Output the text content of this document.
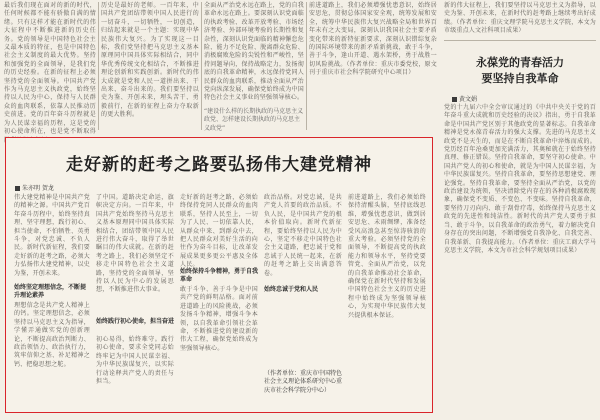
最后我们现在面对的新的时代，任何时候都不能有骄傲自满的情绪。只有这样才能在新时代的伟大征程中不断推进新的历史任务。党的领导是中国特色社会主义最本质的特征，也是中国特色社会主义制度的最大优势。坚持和加强党的全面领导，是我们党的历史经验。在新的征程上必须坚持党的全面领导。中国共产党作为马克思主义执政党，始终坚持以人民为中心，保持与人民群众的血肉联系，依靠人民推动历史前进。党的百年奋斗历程就是为人民谋幸福的历程，这是党的初心使命所在，也是党不断取得
历史是最好的老师。一百年来，中国共产党团结带领中国人民进行的一切奋斗，一切牺牲，一切创造，归结起来就是一个主题：实现中华民族伟大复兴。为了实现这一目标，我们党坚持把马克思主义基本原理同中国具体实际相结合，同中华优秀传统文化相结合，不断推进理论创新和实践创新。新时代的伟大成就是党和人民一道拼出来、干出来、奋斗出来的。我们要坚持以史为鉴、开创未来，埋头苦干、勇毅前行，在新的征程上奋力夺取新的更大胜利。
全面从严治党永远在路上，党的自我革命永远在路上。要深刻认识党面临的执政考验、改革开放考验、市场经济考验、外部环境考验的长期性和复杂性，深刻认识党面临的精神懈怠危险、能力不足危险、脱离群众危险、消极腐败危险的尖锐性和严峻性，坚持问题导向，保持战略定力，发扬彻底的自我革命精神，永远保持党同人民群众的血肉联系，推动全面从严治党向纵深发展，确保党始终成为中国特色社会主义事业的坚强领导核心。
“建设什么样的长期执政的马克思主义政党、怎样建设长期执政的马克思主义政党”
前进道路上，我们必须增强忧患意识，始终居安思危，贯彻总体国家安全观，统筹发展和安全，统筹中华民族伟大复兴战略全局和世界百年未有之大变局，深刻认识我国社会主要矛盾变化带来的新特征新要求，深刻认识错综复杂的国际环境带来的新矛盾新挑战，敢于斗争，善于斗争，逢山开道、遇水架桥，勇于战胜一切风险挑战。（作者单位：重庆市委党校，原文刊于重庆市社会科学院研究中心项目）
新的伟大征程上，我们要坚持以马克思主义为指导，以史为鉴、开创未来，在新时代的赶考路上继续考出好成绩。（作者单位：重庆文理学院马克思主义学院，本文为市级重点人文社科项目成果）
永葆党的青春活力
要坚持自我革命
黄文娟
党的十九届六中全会审议通过的《中共中央关于党的百年奋斗重大成就和历史经验的决议》指出，勇于自我革命是中国共产党区别于其他政党的显著标志。自我革命精神是党永葆青春活力的强大支撑。先进的马克思主义政党不是天生的，而是在不断自我革命中淬炼而成的。党历经百年沧桑更加充满活力，其奥秘就在于始终坚持真理、修正错误。坚持自我革命，要坚守初心使命。中国共产党人的初心和使命，就是为中国人民谋幸福，为中华民族谋复兴。坚持自我革命，要坚持思想建党、理论强党。坚持自我革命，要坚持全面从严治党，以党的政治建设为统领，坚决清除党内存在的各种消极腐败现象，确保党不变质、不变色、不变味。坚持自我革命，要坚持刀刃向内、敢于刮骨疗毒，始终保持马克思主义政党的先进性和纯洁性。新时代的共产党人要勇于担当、敢于斗争，以自我革命的政治勇气，着力解决党自身存在的突出问题，不断增强党自我净化、自我完善、自我革新、自我提高能力。（作者单位：重庆工商大学马克思主义学院，本文为市社会科学规划项目成果）
走好新的赶考之路要弘扬伟大建党精神
朱亦明 贺龙
伟大建党精神是中国共产党的精神之源。中国共产党百年奋斗历程中，始终坚持真理、坚守理想，践行初心、担当使命，不怕牺牲、英勇斗争，对党忠诚、不负人民。新时代新征程，我们要走好新的赶考之路，必须大力弘扬伟大建党精神，以史为鉴，开创未来。
始终坚定理想信念，不断提升理论素养
理想信念是共产党人精神上的钙。坚定理想信念，必须坚持以马克思主义为指导，学懂弄通做实党的创新理论，不断提高政治判断力、政治领悟力、政治执行力，筑牢信仰之基、补足精神之钙、把稳思想之舵。
了中国。道路决定命运，旗帜决定方向。一百年来，中国共产党始终坚持马克思主义基本原理同中国具体实际相结合，团结带领中国人民进行伟大奋斗，取得了举世瞩目的伟大成就。在新的赶考之路上，我们必须坚定不移走中国特色社会主义道路，坚持党的全面领导，坚持以人民为中心的发展思想，不断推进伟大事业。
始终践行初心使命，担当奋进
初心易得，始终难守。践行初心使命，要求全党同志始终牢记为中国人民谋幸福、为中华民族谋复兴，以实际行动诠释共产党人的责任与担当。
走好新的赶考之路，必须始终保持党同人民群众的血肉联系，坚持人民至上，一切为了人民、一切依靠人民，从群众中来、到群众中去，把人民群众对美好生活的向往作为奋斗目标，让改革发展成果更多更公平惠及全体人民。
始终保持斗争精神，勇于自我革命
敢于斗争、善于斗争是中国共产党的鲜明品格。面对前进道路上的风险挑战，必须发扬斗争精神，增强斗争本领，以自我革命引领社会革命，不断推进党的建设新的伟大工程，确保党始终成为坚强领导核心。
政治品格。对党忠诚，是共产党人首要的政治品质。不负人民，是中国共产党的根本价值取向。新时代新征程，要始终坚持以人民为中心，坚定不移走中国特色社会主义道路，把忠诚于党和忠诚于人民统一起来，在新的赶考之路上交出满意答卷。
始终忠诚于党和人民
（作者单位：重庆市中国特色社会主义理论体系研究中心重庆市社会科学院分中心）
前进道路上，我们必须始终保持清醒头脑，坚持底线思维，增强忧患意识，做到居安思危、未雨绸缪，准备经受风高浪急甚至惊涛骇浪的重大考验。必须坚持党的全面领导，不断提高党的执政能力和领导水平，坚持党要管党、全面从严治党，以党的自我革命推动社会革命，确保党在新时代坚持和发展中国特色社会主义的历史进程中始终成为坚强领导核心，为实现中华民族伟大复兴提供根本保证。
